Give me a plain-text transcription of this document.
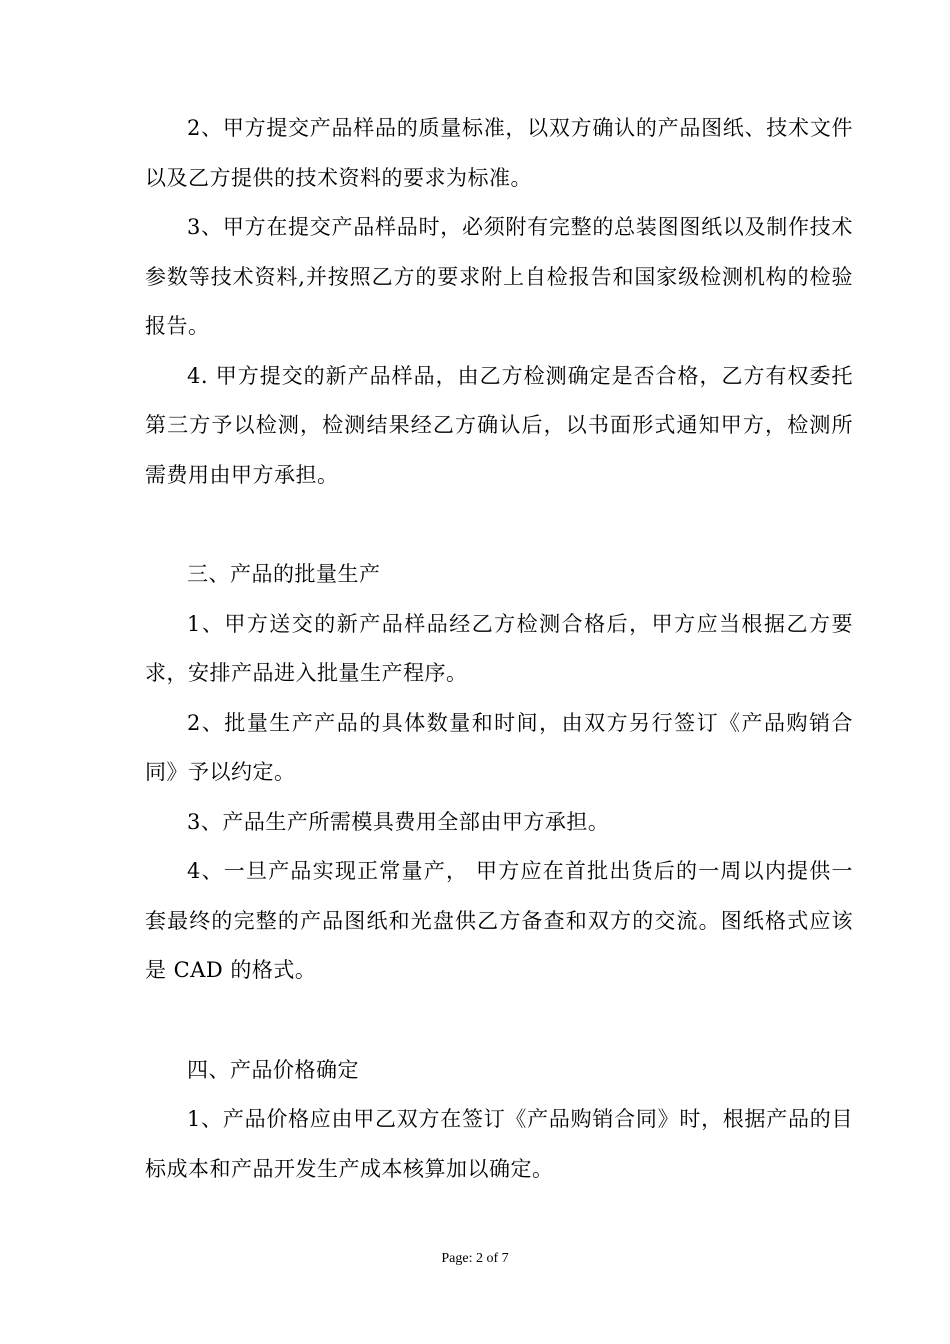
2、甲方提交产品样品的质量标准，以双方确认的产品图纸、技术文件以及乙方提供的技术资料的要求为标准。

3、甲方在提交产品样品时，必须附有完整的总装图图纸以及制作技术参数等技术资料,并按照乙方的要求附上自检报告和国家级检测机构的检验报告。

4. 甲方提交的新产品样品，由乙方检测确定是否合格，乙方有权委托第三方予以检测，检测结果经乙方确认后，以书面形式通知甲方，检测所需费用由甲方承担。

三、产品的批量生产

1、甲方送交的新产品样品经乙方检测合格后，甲方应当根据乙方要求，安排产品进入批量生产程序。

2、批量生产产品的具体数量和时间，由双方另行签订《产品购销合同》予以约定。

3、产品生产所需模具费用全部由甲方承担。

4、一旦产品实现正常量产， 甲方应在首批出货后的一周以内提供一套最终的完整的产品图纸和光盘供乙方备查和双方的交流。图纸格式应该是 CAD 的格式。

四、产品价格确定

1、产品价格应由甲乙双方在签订《产品购销合同》时，根据产品的目标成本和产品开发生产成本核算加以确定。

Page: 2 of 7
